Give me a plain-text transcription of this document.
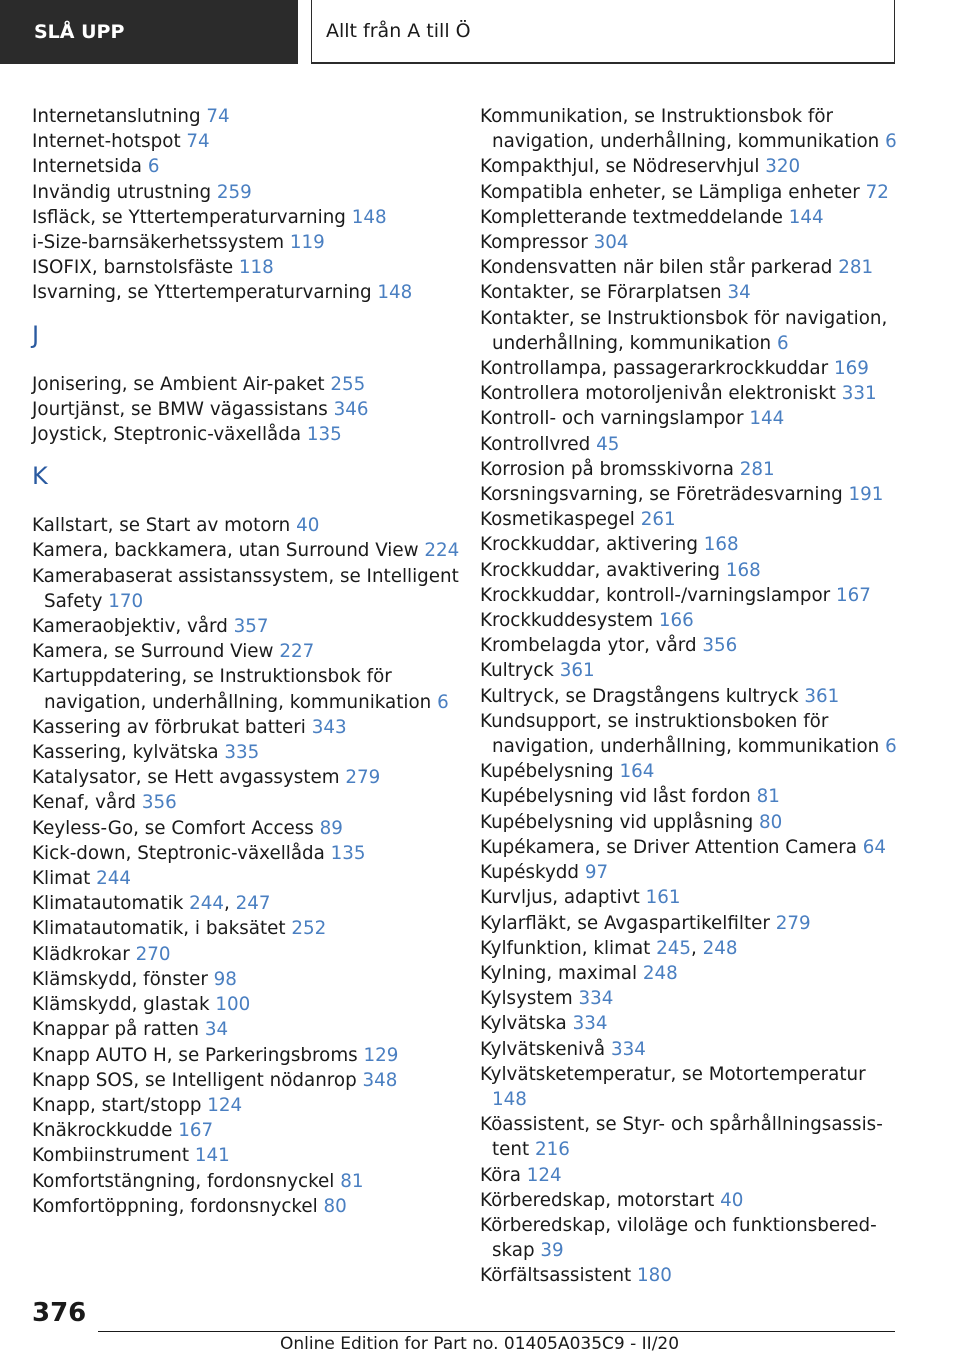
SLÅ UPP	Allt från A till Ö
Internetanslutning 74
Internet-hotspot 74
Internetsida 6
Invändig utrustning 259
Isfläck, se Yttertemperaturvarning 148
i-Size-barnsäkerhetssystem 119
ISOFIX, barnstolsfäste 118
Isvarning, se Yttertemperaturvarning 148
J
Jonisering, se Ambient Air-paket 255
Jourtjänst, se BMW vägassistans 346
Joystick, Steptronic-växellåda 135
K
Kallstart, se Start av motorn 40
Kamera, backkamera, utan Surround View 224
Kamerabaserat assistanssystem, se Intelligent Safety 170
Kameraobjektiv, vård 357
Kamera, se Surround View 227
Kartuppdatering, se Instruktionsbok för navigation, underhållning, kommunikation 6
Kassering av förbrukat batteri 343
Kassering, kylvätska 335
Katalysator, se Hett avgassystem 279
Kenaf, vård 356
Keyless-Go, se Comfort Access 89
Kick-down, Steptronic-växellåda 135
Klimat 244
Klimatautomatik 244, 247
Klimatautomatik, i baksätet 252
Klädkrokar 270
Klämskydd, fönster 98
Klämskydd, glastak 100
Knappar på ratten 34
Knapp AUTO H, se Parkeringsbroms 129
Knapp SOS, se Intelligent nödanrop 348
Knapp, start/stopp 124
Knäkrockkudde 167
Kombiinstrument 141
Komfortstängning, fordonsnyckel 81
Komfortöppning, fordonsnyckel 80
Kommunikation, se Instruktionsbok för navigation, underhållning, kommunikation 6
Kompakthjul, se Nödreservhjul 320
Kompatibla enheter, se Lämpliga enheter 72
Kompletterande textmeddelande 144
Kompressor 304
Kondensvatten när bilen står parkerad 281
Kontakter, se Förarplatsen 34
Kontakter, se Instruktionsbok för navigation, underhållning, kommunikation 6
Kontrollampa, passagerarkrockkuddar 169
Kontrollera motoroljenivån elektroniskt 331
Kontroll- och varningslampor 144
Kontrollvred 45
Korrosion på bromsskivorna 281
Korsningsvarning, se Företrädesvarning 191
Kosmetikaspegel 261
Krockkuddar, aktivering 168
Krockkuddar, avaktivering 168
Krockkuddar, kontroll-/varningslampor 167
Krockkuddesystem 166
Krombelagda ytor, vård 356
Kultryck 361
Kultryck, se Dragstångens kultryck 361
Kundsupport, se instruktionsboken för navigation, underhållning, kommunikation 6
Kupébelysning 164
Kupébelysning vid låst fordon 81
Kupébelysning vid upplåsning 80
Kupékamera, se Driver Attention Camera 64
Kupéskydd 97
Kurvljus, adaptivt 161
Kylarfläkt, se Avgaspartikelfilter 279
Kylfunktion, klimat 245, 248
Kylning, maximal 248
Kylsystem 334
Kylvätska 334
Kylvätskenivå 334
Kylvätsketemperatur, se Motortemperatur 148
Köassistent, se Styr- och spårhållningsassistent 216
Köra 124
Körberedskap, motorstart 40
Körberedskap, viloläge och funktionsberedskap 39
Körfältsassistent 180
376
Online Edition for Part no. 01405A035C9 - II/20
